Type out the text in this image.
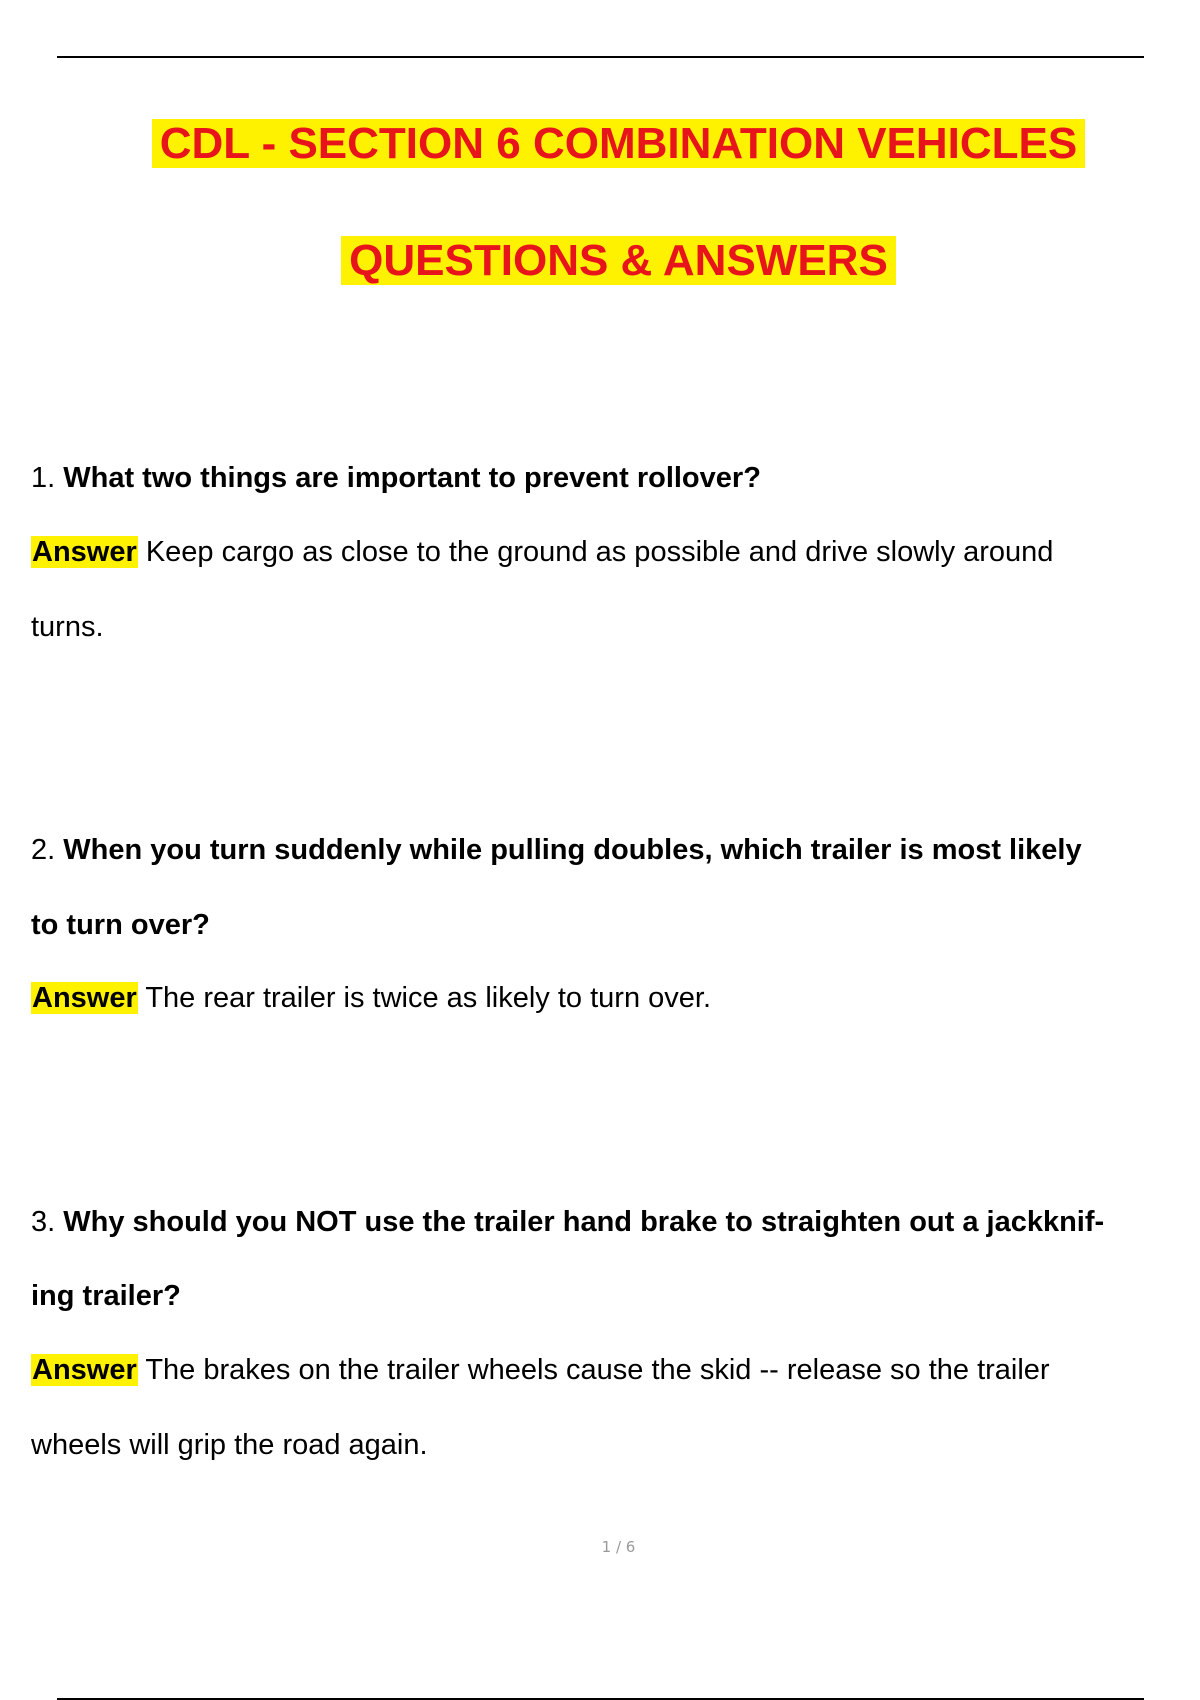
CDL - SECTION 6 COMBINATION VEHICLES
QUESTIONS & ANSWERS
1. What two things are important to prevent rollover?
Answer Keep cargo as close to the ground as possible and drive slowly around
turns.
2. When you turn suddenly while pulling doubles, which trailer is most likely
to turn over?
Answer The rear trailer is twice as likely to turn over.
3. Why should you NOT use the trailer hand brake to straighten out a jackknif-
ing trailer?
Answer The brakes on the trailer wheels cause the skid -- release so the trailer
wheels will grip the road again.
1 / 6
